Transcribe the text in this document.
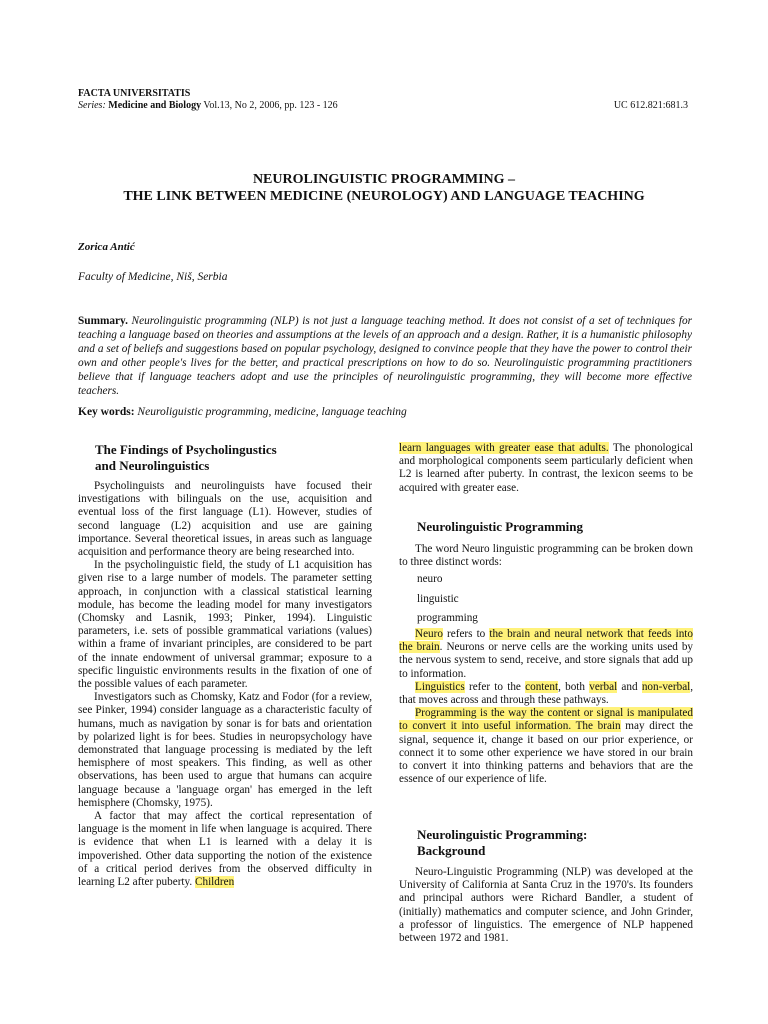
FACTA UNIVERSITATIS
Series: Medicine and Biology Vol.13, No 2, 2006, pp. 123 - 126	UC 612.821:681.3
NEUROLINGUISTIC PROGRAMMING –
THE LINK BETWEEN MEDICINE (NEUROLOGY) AND LANGUAGE TEACHING
Zorica Antić
Faculty of Medicine, Niš, Serbia
Summary. Neurolinguistic programming (NLP) is not just a language teaching method. It does not consist of a set of techniques for teaching a language based on theories and assumptions at the levels of an approach and a design. Rather, it is a humanistic philosophy and a set of beliefs and suggestions based on popular psychology, designed to convince people that they have the power to control their own and other people's lives for the better, and practical prescriptions on how to do so. Neurolinguistic programming practitioners believe that if language teachers adopt and use the principles of neurolinguistic programming, they will become more effective teachers.
Key words: Neuroliguistic programming, medicine, language teaching
The Findings of Psycholingustics
and Neurolinguistics

Psycholinguists and neurolinguists have focused their investigations with bilinguals on the use, acquisition and eventual loss of the first language (L1). However, studies of second language (L2) acquisition and use are gaining importance. Several theoretical issues, in areas such as language acquisition and performance theory are being researched into.

In the psycholinguistic field, the study of L1 acquisition has given rise to a large number of models. The parameter setting approach, in conjunction with a classical statistical learning module, has become the leading model for many investigators (Chomsky and Lasnik, 1993; Pinker, 1994). Linguistic parameters, i.e. sets of possible grammatical variations (values) within a frame of invariant principles, are considered to be part of the innate endowment of universal grammar; exposure to a specific linguistic environments results in the fixation of one of the possible values of each parameter.

Investigators such as Chomsky, Katz and Fodor (for a review, see Pinker, 1994) consider language as a characteristic faculty of humans, much as navigation by sonar is for bats and orientation by polarized light is for bees. Studies in neuropsychology have demonstrated that language processing is mediated by the left hemisphere of most speakers. This finding, as well as other observations, has been used to argue that humans can acquire language because a 'language organ' has emerged in the left hemisphere (Chomsky, 1975).

A factor that may affect the cortical representation of language is the moment in life when language is acquired. There is evidence that when L1 is learned with a delay it is impoverished. Other data supporting the notion of the existence of a critical period derives from the observed difficulty in learning L2 after puberty. Children

learn languages with greater ease that adults. The phonological and morphological components seem particularly deficient when L2 is learned after puberty. In contrast, the lexicon seems to be acquired with greater ease.

Neurolinguistic Programming

The word Neuro linguistic programming can be broken down to three distinct words:

neuro
linguistic
programming

Neuro refers to the brain and neural network that feeds into the brain. Neurons or nerve cells are the working units used by the nervous system to send, receive, and store signals that add up to information.

Linguistics refer to the content, both verbal and non-verbal, that moves across and through these pathways.

Programming is the way the content or signal is manipulated to convert it into useful information. The brain may direct the signal, sequence it, change it based on our prior experience, or connect it to some other experience we have stored in our brain to convert it into thinking patterns and behaviors that are the essence of our experience of life.

Neurolinguistic Programming:
Background

Neuro-Linguistic Programming (NLP) was developed at the University of California at Santa Cruz in the 1970's. Its founders and principal authors were Richard Bandler, a student of (initially) mathematics and computer science, and John Grinder, a professor of linguistics. The emergence of NLP happened between 1972 and 1981.
